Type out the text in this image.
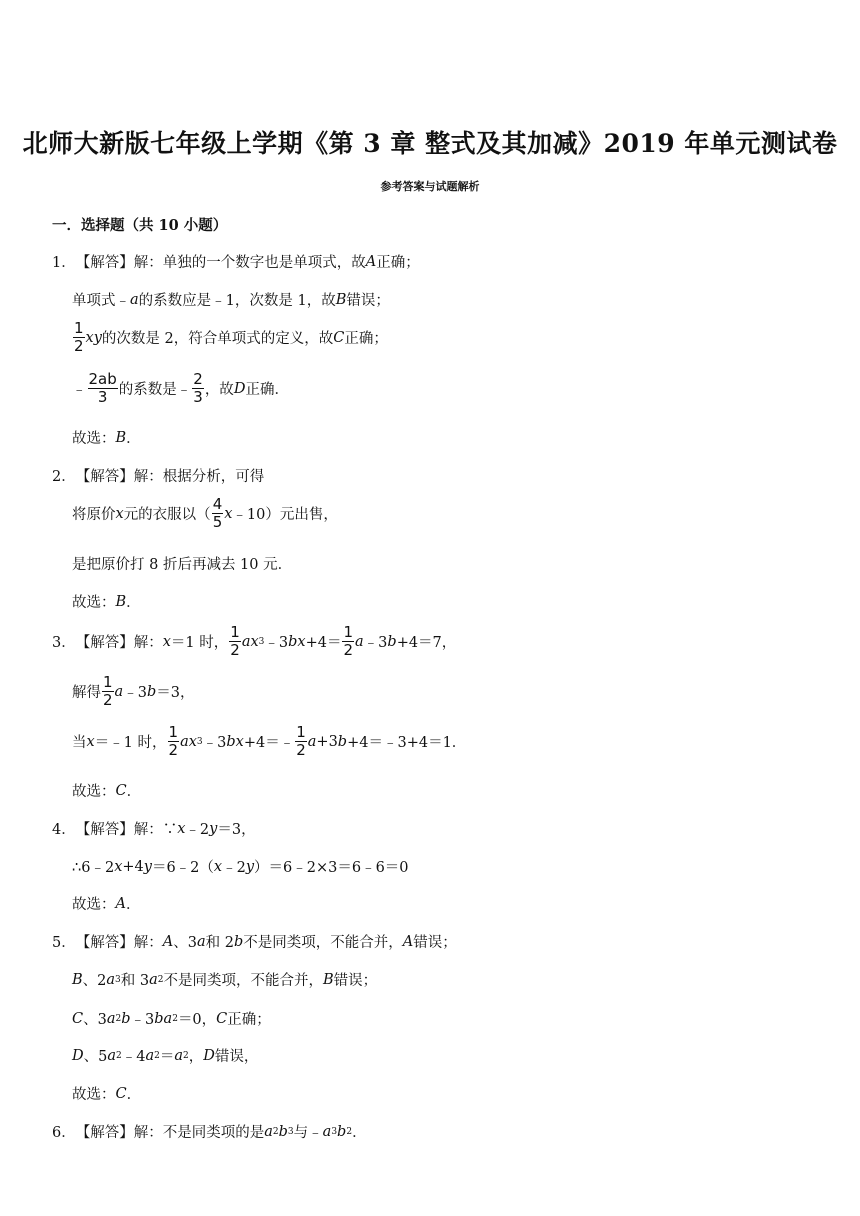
北师大新版七年级上学期《第 3 章 整式及其加减》2019 年单元测试卷
参考答案与试题解析
一．选择题（共 10 小题）
1． 【解答】 解：单独的一个数字也是单项式，故 A 正确；
单项式﹣ a 的系数应是﹣1，次数是 1，故 B 错误；
$\frac{1}{2}$ xy 的次数是 2，符合单项式的定义，故 C 正确；
﹣ $\frac{2ab}{3}$ 的系数是﹣ $\frac{2}{3}$ ，故 D 正确．
故选： B ．
2． 【解答】 解：根据分析，可得
将原价 x 元的衣服以（ $\frac{4}{5}$ x ﹣10）元出售，
是把原价打 8 折后再减去 10 元．
故选： B ．
3． 【解答】 解： x ＝1 时， $\frac{1}{2}$ ax 3 ﹣3 bx $+4= \frac{1}{2}$ a ﹣3 b +4＝7，
解得 $\frac{1}{2}$ a ﹣3 b ＝3，
当 x ＝﹣1 时， $\frac{1}{2}$ ax 3 ﹣3 bx +4＝﹣ $\frac{1}{2}$ a +3 b +4＝﹣3+4＝1．
故选： C ．
4． 【解答】 解：∵ x ﹣2 y ＝3，
∴6﹣2 x +4 y ＝6﹣2（ x ﹣2 y ）＝6﹣2×3＝6﹣6＝0
故选： A ．
5． 【解答】 解： A 、3 a 和 2 b 不是同类项，不能合并， A 错误；
B 、2 a 3 和 3 a 2 不是同类项，不能合并， B 错误；
C 、3 a 2 b ﹣3 ba 2 ＝0， C 正确；
D 、5 a 2 ﹣4 a 2 ＝ a 2 ， D 错误，
故选： C ．
6． 【解答】 解：不是同类项的是 a 2 b 3 与﹣ a 3 b 2 ．
